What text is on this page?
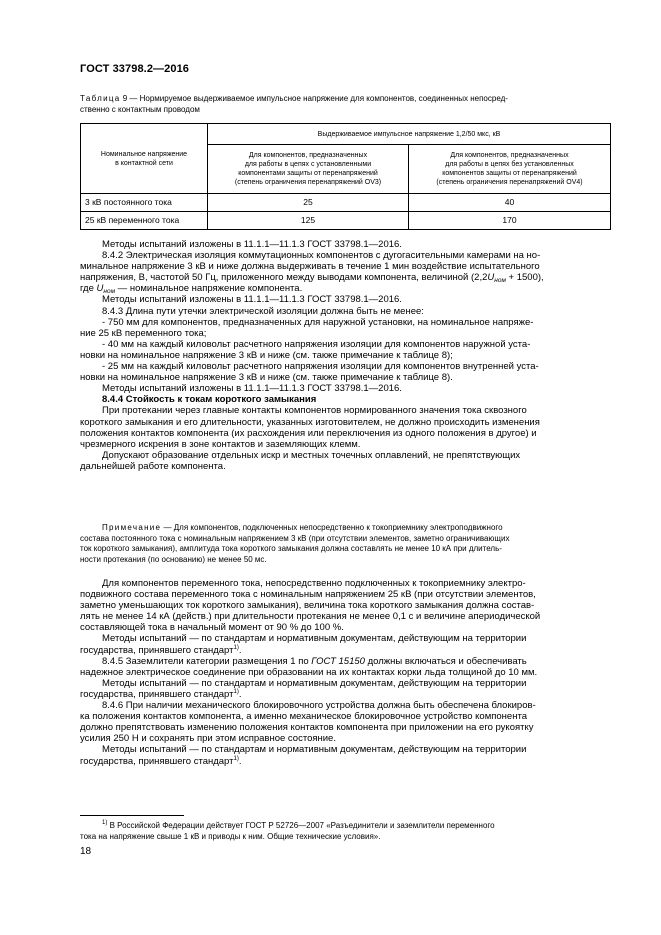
ГОСТ 33798.2—2016
Таблица 9 — Нормируемое выдерживаемое импульсное напряжение для компонентов, соединенных непосред-
ственно с контактным проводом
Номинальное напряжение
в контактной сети	Выдерживаемое импульсное напряжение 1,2/50 мкс, кВ	
	Для компонентов, предназначенных
для работы в цепях с установленными
компонентами защиты от перенапряжений
(степень ограничения перенапряжений OV3)	Для компонентов, предназначенных
для работы в цепях без установленных
компонентов защиты от перенапряжений
(степень ограничения перенапряжений OV4)
3 кВ постоянного тока	25	40
25 кВ переменного тока	125	170

Методы испытаний изложены в 11.1.1—11.1.3 ГОСТ 33798.1—2016.

8.4.2 Электрическая изоляция коммутационных компонентов с дугогасительными камерами на но-
минальное напряжение 3 кВ и ниже должна выдерживать в течение 1 мин воздействие испытательного
напряжения, В, частотой 50 Гц, приложенного между выводами компонента, величиной $(2,2U_{ном} + 1500)$,
где $U_{ном}$ — номинальное напряжение компонента.

Методы испытаний изложены в 11.1.1—11.1.3 ГОСТ 33798.1—2016.

8.4.3 Длина пути утечки электрической изоляции должна быть не менее:

- 750 мм для компонентов, предназначенных для наружной установки, на номинальное напряже-
ние 25 кВ переменного тока;

- 40 мм на каждый киловольт расчетного напряжения изоляции для компонентов наружной уста-
новки на номинальное напряжение 3 кВ и ниже (см. также примечание к таблице 8);

- 25 мм на каждый киловольт расчетного напряжения изоляции для компонентов внутренней уста-
новки на номинальное напряжение 3 кВ и ниже (см. также примечание к таблице 8).

Методы испытаний изложены в 11.1.1—11.1.3 ГОСТ 33798.1—2016.

8.4.4 Стойкость к токам короткого замыкания

При протекании через главные контакты компонентов нормированного значения тока сквозного
короткого замыкания и его длительности, указанных изготовителем, не должно происходить изменения
положения контактов компонента (их расхождения или переключения из одного положения в другое) и
чрезмерного искрения в зоне контактов и заземляющих клемм.

Допускают образование отдельных искр и местных точечных оплавлений, не препятствующих
дальнейшей работе компонента.

Примечание — Для компонентов, подключенных непосредственно к токоприемнику электроподвижного
состава постоянного тока с номинальным напряжением 3 кВ (при отсутствии элементов, заметно ограничивающих
ток короткого замыкания), амплитуда тока короткого замыкания должна составлять не менее 10 кА при длитель-
ности протекания (по основанию) не менее 50 мс.

Для компонентов переменного тока, непосредственно подключенных к токоприемнику электро-
подвижного состава переменного тока с номинальным напряжением 25 кВ (при отсутствии элементов,
заметно уменьшающих ток короткого замыкания), величина тока короткого замыкания должна состав-
лять не менее 14 кА (действ.) при длительности протекания не менее 0,1 с и величине апериодической
составляющей тока в начальный момент от 90 % до 100 %.

Методы испытаний — по стандартам и нормативным документам, действующим на территории
государства, принявшего стандарт$^{1)}$.

8.4.5 Заземлители категории размещения 1 по ГОСТ 15150 должны включаться и обеспечивать
надежное электрическое соединение при образовании на их контактах корки льда толщиной до 10 мм.

Методы испытаний — по стандартам и нормативным документам, действующим на территории
государства, принявшего стандарт$^{1)}$.

8.4.6 При наличии механического блокировочного устройства должна быть обеспечена блокиров-
ка положения контактов компонента, а именно механическое блокировочное устройство компонента
должно препятствовать изменению положения контактов компонента при приложении на его рукоятку
усилия 250 Н и сохранять при этом исправное состояние.

Методы испытаний — по стандартам и нормативным документам, действующим на территории
государства, принявшего стандарт$^{1)}$.

$^{1)}$ В Российской Федерации действует ГОСТ Р 52726—2007 «Разъединители и заземлители переменного
тока на напряжение свыше 1 кВ и приводы к ним. Общие технические условия».
18
